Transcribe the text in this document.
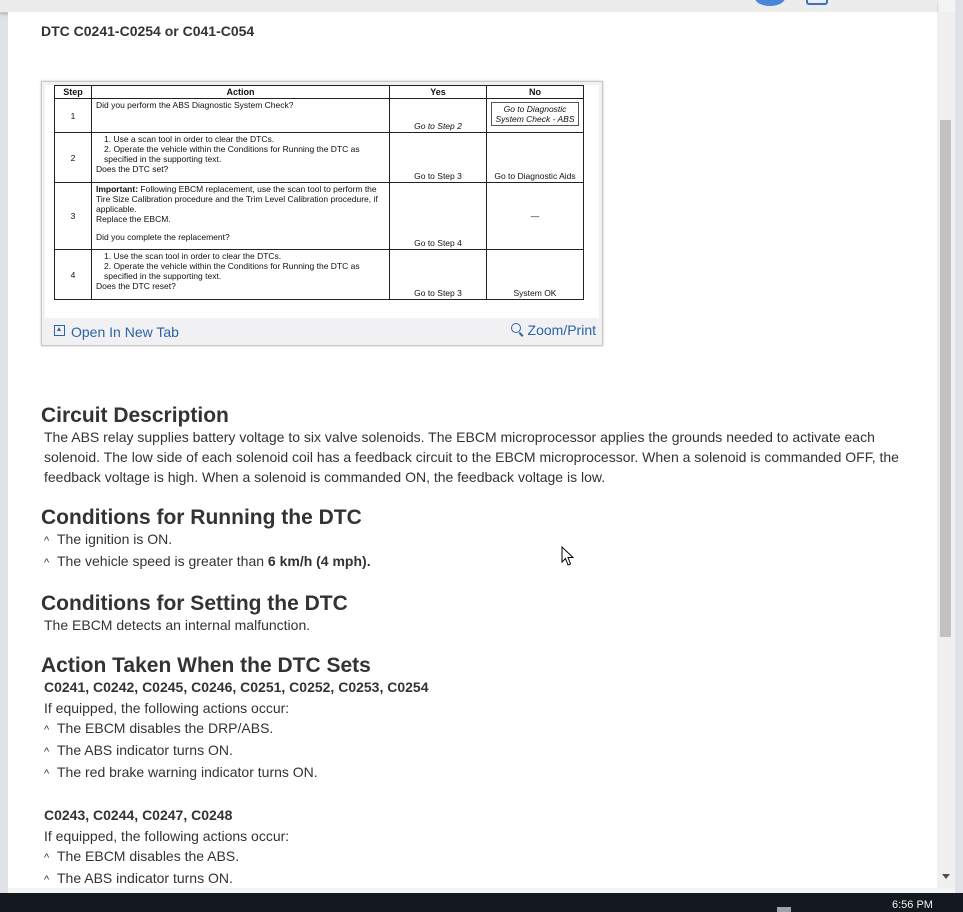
DTC C0241-C0254 or C041-C054
Step	Action	Yes	No
1	Did you perform the ABS Diagnostic System Check?	Go to Step 2	Go to Diagnostic System Check - ABS

2	1. Use a scan tool in order to clear the DTCs.
2. Operate the vehicle within the Conditions for Running the DTC as specified in the supporting text.
Does the DTC set?	Go to Step 3	Go to Diagnostic Aids
3	Important: Following EBCM replacement, use the scan tool to perform the Tire Size Calibration procedure and the Trim Level Calibration procedure, if applicable.
Replace the EBCM.
Did you complete the replacement?	Go to Step 4	—
4	1. Use the scan tool in order to clear the DTCs.
2. Operate the vehicle within the Conditions for Running the DTC as specified in the supporting text.
Does the DTC reset?	Go to Step 3	System OK
Open In New Tab	Zoom/Print
Circuit Description

The ABS relay supplies battery voltage to six valve solenoids. The EBCM microprocessor applies the grounds needed to activate each solenoid. The low side of each solenoid coil has a feedback circuit to the EBCM microprocessor. When a solenoid is commanded OFF, the feedback voltage is high. When a solenoid is commanded ON, the feedback voltage is low.

Conditions for Running the DTC

^ The ignition is ON.

^ The vehicle speed is greater than 6 km/h (4 mph).

Conditions for Setting the DTC

The EBCM detects an internal malfunction.

Action Taken When the DTC Sets

C0241, C0242, C0245, C0246, C0251, C0252, C0253, C0254

If equipped, the following actions occur:

^ The EBCM disables the DRP/ABS.

^ The ABS indicator turns ON.

^ The red brake warning indicator turns ON.

C0243, C0244, C0247, C0248

If equipped, the following actions occur:

^ The EBCM disables the ABS.

^ The ABS indicator turns ON.

6:56 PM
